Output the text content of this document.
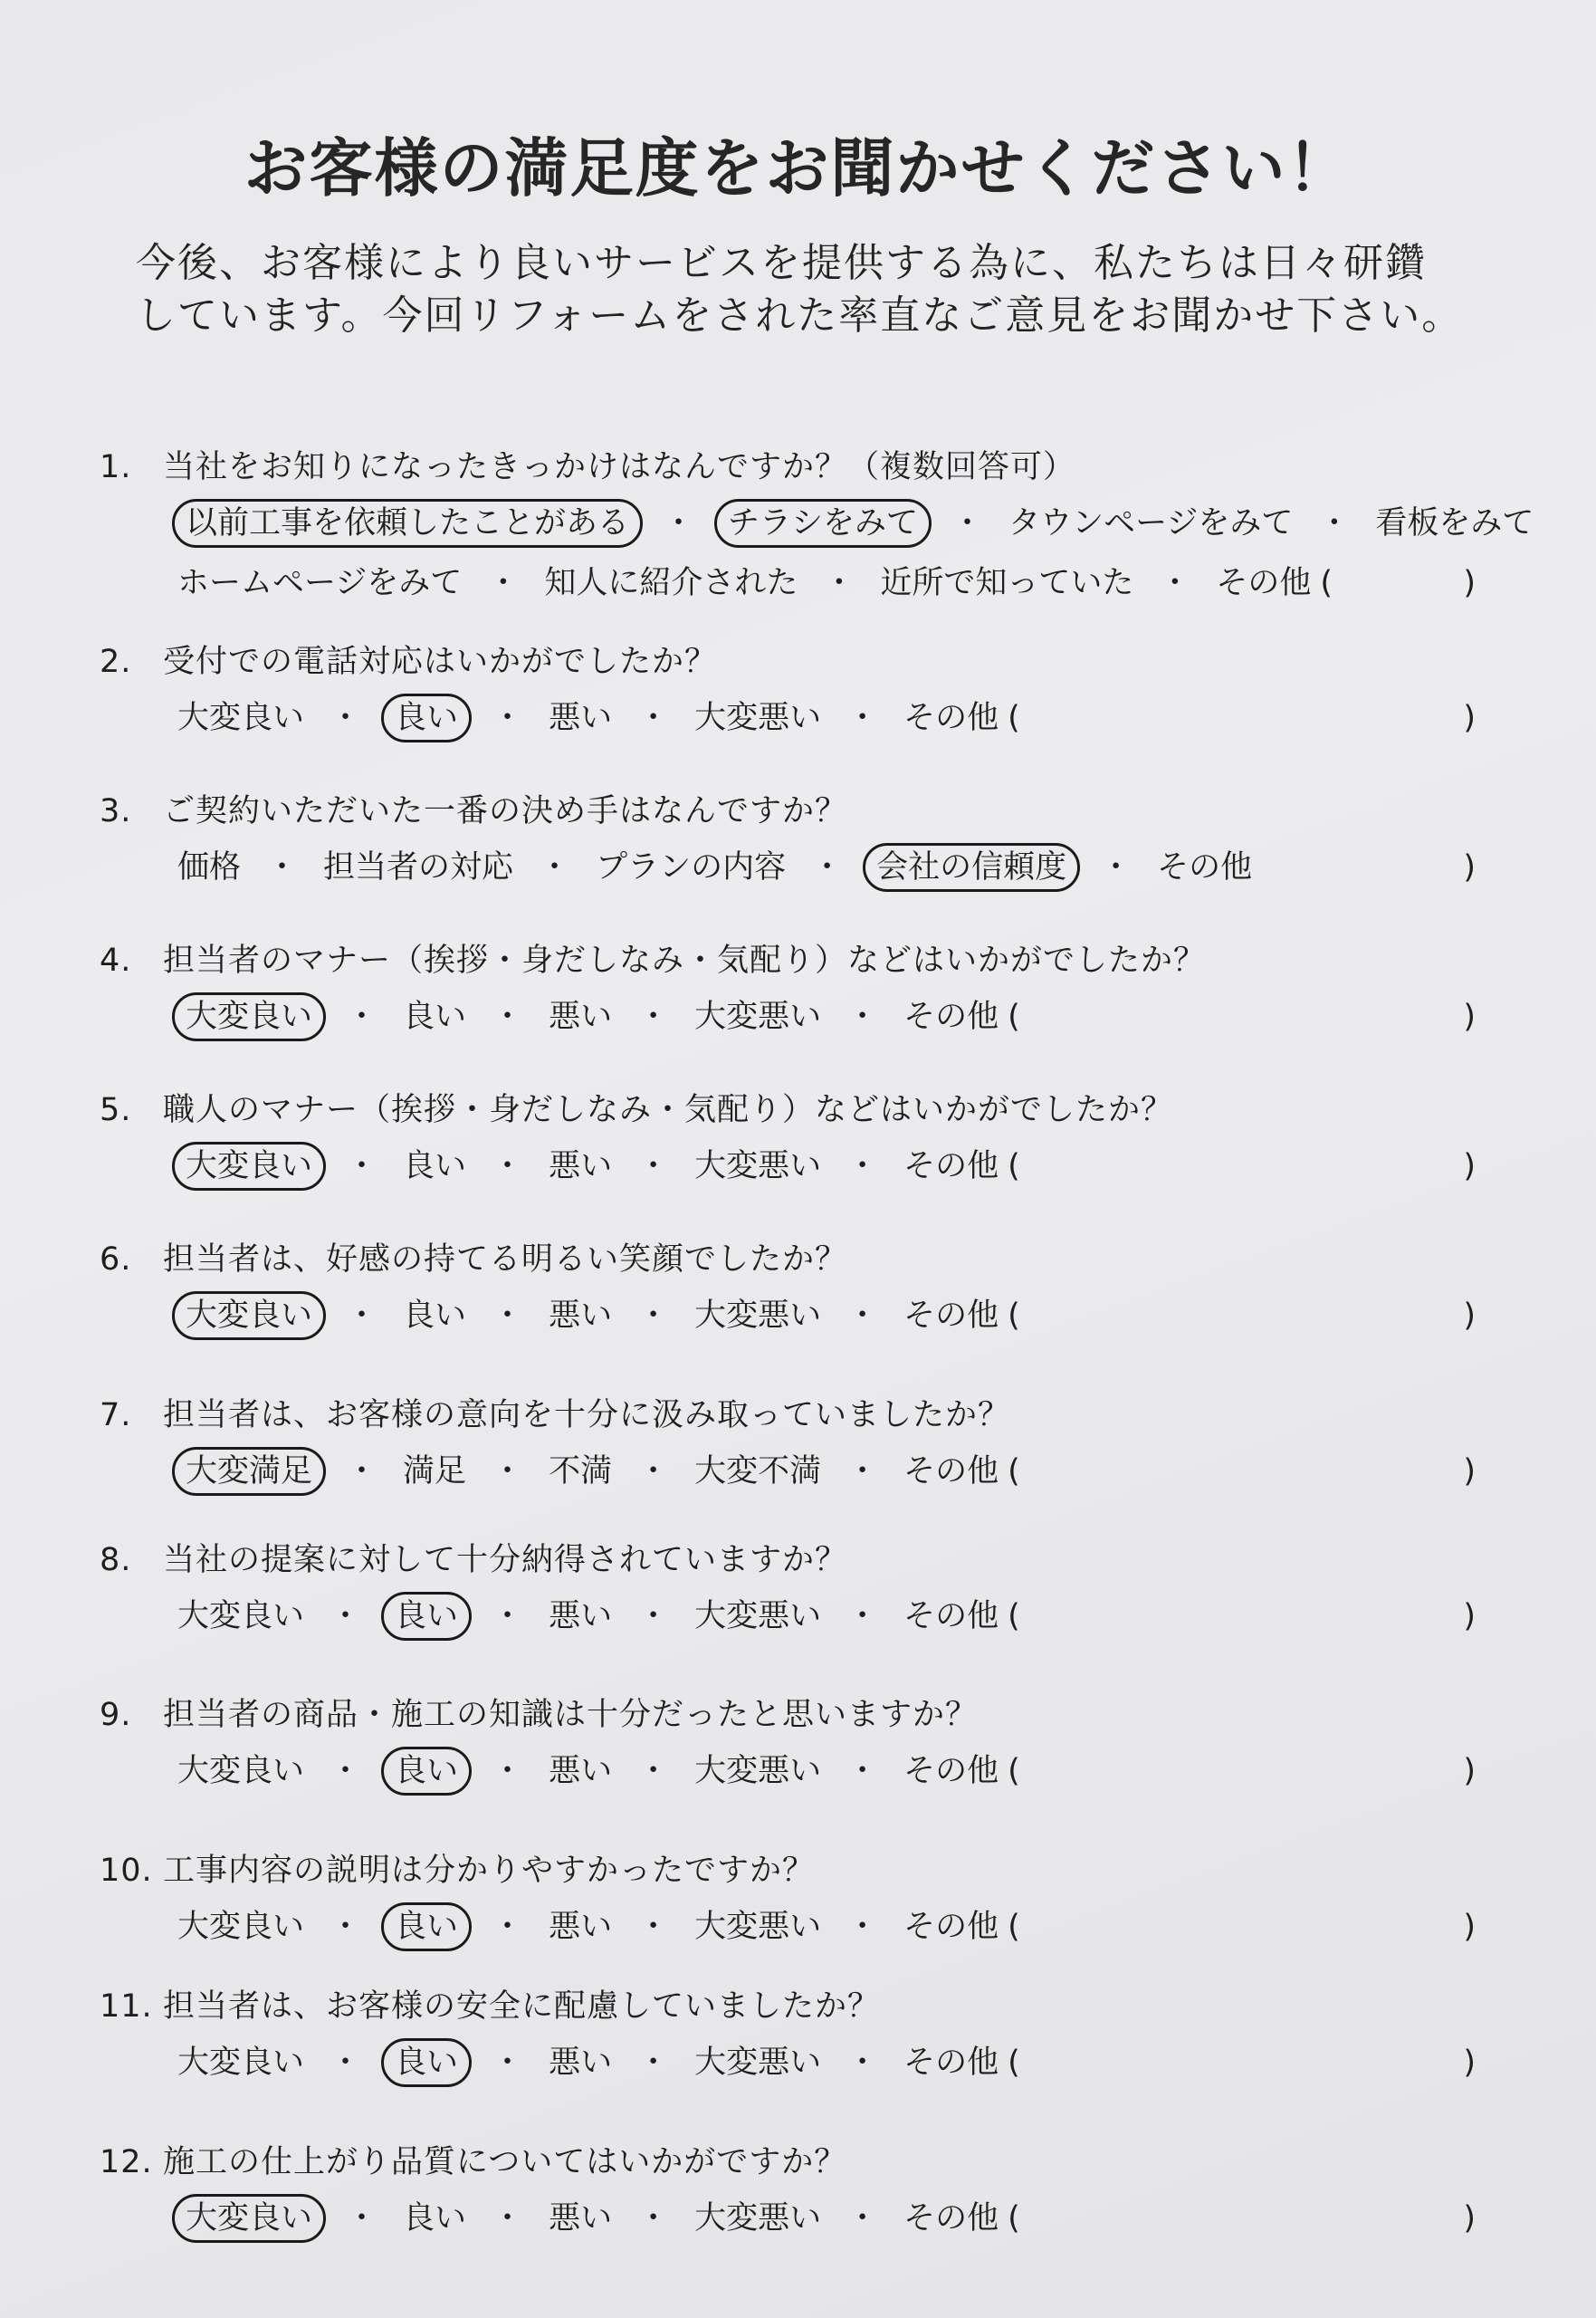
お客様の満足度をお聞かせください！
今後、お客様により良いサービスを提供する為に、私たちは日々研鑽
しています。今回リフォームをされた率直なご意見をお聞かせ下さい。
1. 当社をお知りになったきっかけはなんですか？（複数回答可）
以前工事を依頼したことがある ・ チラシをみて ・ タウンページをみて ・ 看板をみて
ホームページをみて ・ 知人に紹介された ・ 近所で知っていた ・ その他 (	)
2. 受付での電話対応はいかがでしたか？
大変良い ・ 良い ・ 悪い ・ 大変悪い ・ その他 (	)
3. ご契約いただいた一番の決め手はなんですか？
価格 ・ 担当者の対応 ・ プランの内容 ・ 会社の信頼度 ・ その他	)
4. 担当者のマナー（挨拶・身だしなみ・気配り）などはいかがでしたか？
大変良い ・ 良い ・ 悪い ・ 大変悪い ・ その他 (	)
5. 職人のマナー（挨拶・身だしなみ・気配り）などはいかがでしたか？
大変良い ・ 良い ・ 悪い ・ 大変悪い ・ その他 (	)
6. 担当者は、好感の持てる明るい笑顔でしたか？
大変良い ・ 良い ・ 悪い ・ 大変悪い ・ その他 (	)
7. 担当者は、お客様の意向を十分に汲み取っていましたか？
大変満足 ・ 満足 ・ 不満 ・ 大変不満 ・ その他 (	)
8. 当社の提案に対して十分納得されていますか？
大変良い ・ 良い ・ 悪い ・ 大変悪い ・ その他 (	)
9. 担当者の商品・施工の知識は十分だったと思いますか？
大変良い ・ 良い ・ 悪い ・ 大変悪い ・ その他 (	)
10. 工事内容の説明は分かりやすかったですか？
大変良い ・ 良い ・ 悪い ・ 大変悪い ・ その他 (	)
11. 担当者は、お客様の安全に配慮していましたか？
大変良い ・ 良い ・ 悪い ・ 大変悪い ・ その他 (	)
12. 施工の仕上がり品質についてはいかがですか？
大変良い ・ 良い ・ 悪い ・ 大変悪い ・ その他 (	)
